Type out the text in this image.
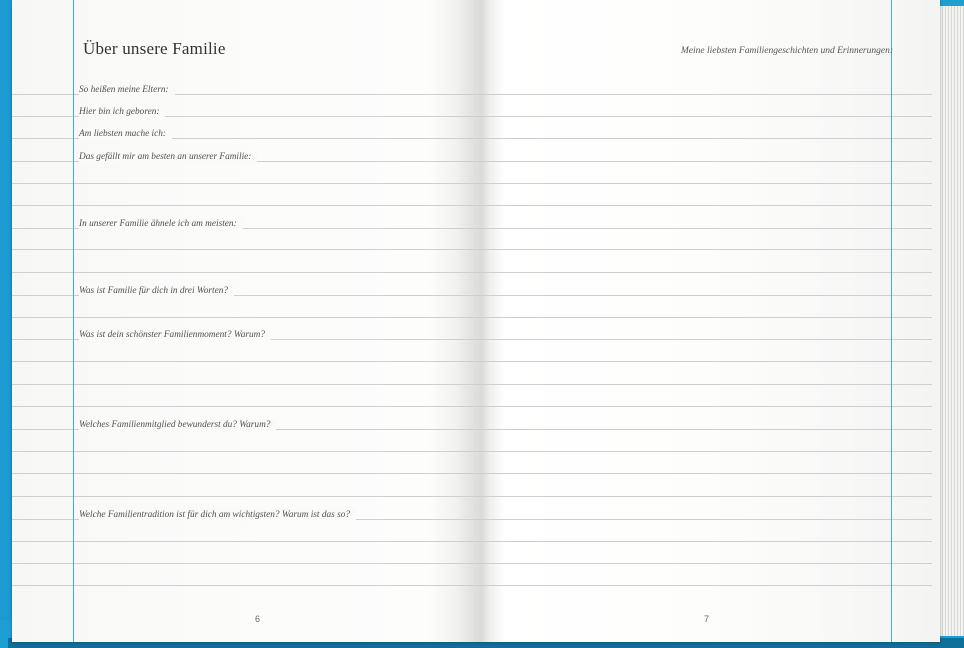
Über unsere Familie	Meine liebsten Familiengeschichten und Erinnerungen:
So heißen meine Eltern:
Hier bin ich geboren:
Am liebsten mache ich:
Das gefällt mir am besten an unserer Familie:
In unserer Familie ähnele ich am meisten:
Was ist Familie für dich in drei Worten?
Was ist dein schönster Familienmoment? Warum?
Welches Familienmitglied bewunderst du? Warum?
Welche Familientradition ist für dich am wichtigsten? Warum ist das so?
6	7
